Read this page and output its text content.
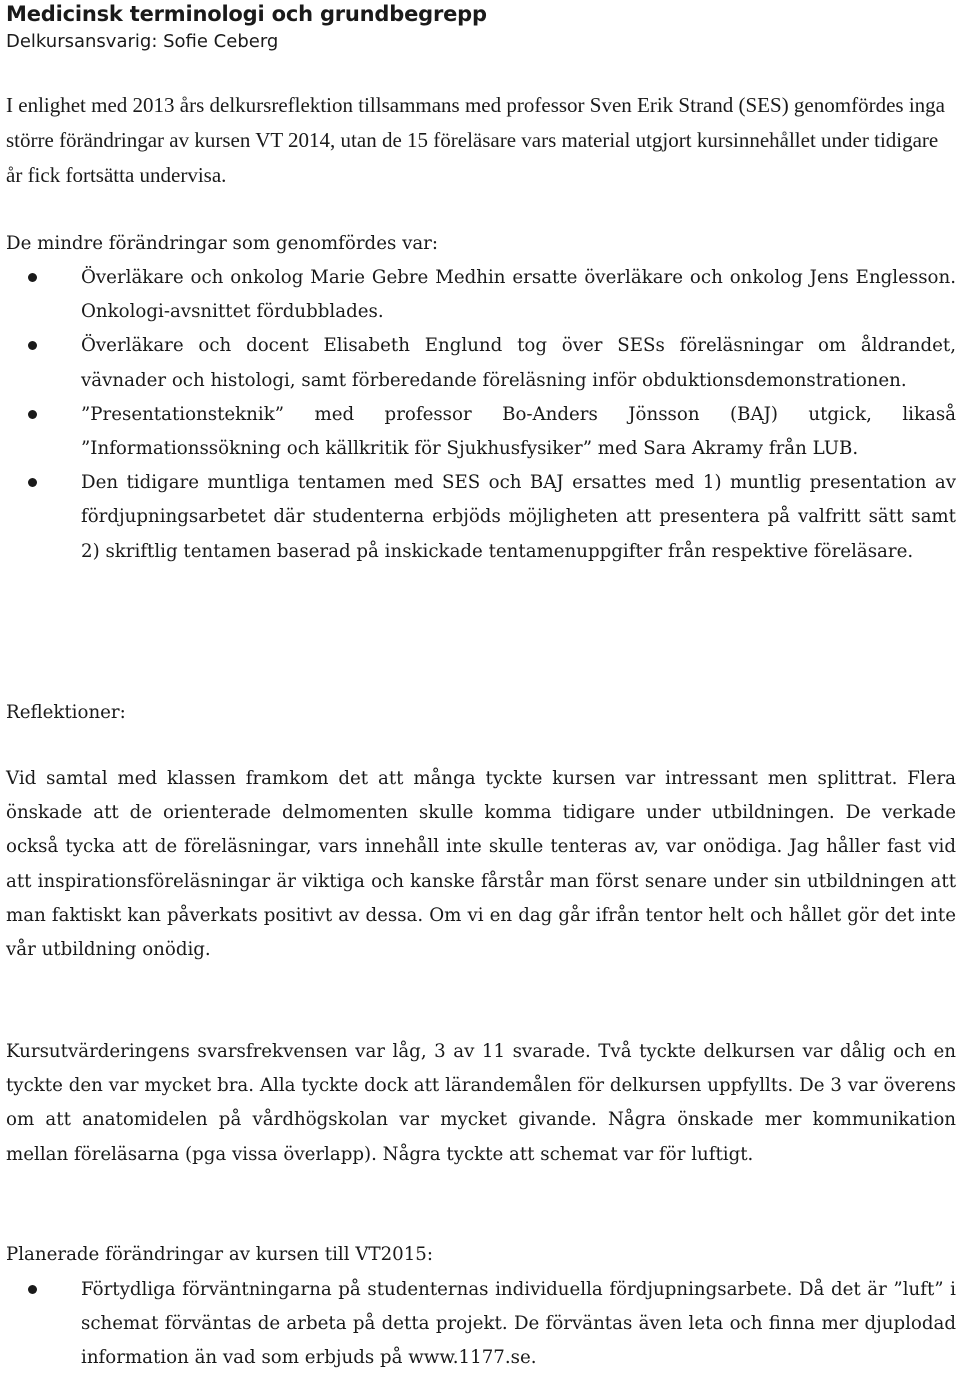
Medicinsk terminologi och grundbegrepp
Delkursansvarig: Sofie Ceberg
I enlighet med 2013 års delkursreflektion tillsammans med professor Sven Erik Strand (SES) genomfördes inga större förändringar av kursen VT 2014, utan de 15 föreläsare vars material utgjort kursinnehållet under tidigare år fick fortsätta undervisa.
De mindre förändringar som genomfördes var:
Överläkare och onkolog Marie Gebre Medhin ersatte överläkare och onkolog Jens Englesson. Onkologi-avsnittet fördubblades.
Överläkare och docent Elisabeth Englund tog över SESs föreläsningar om åldrandet, vävnader och histologi, samt förberedande föreläsning inför obduktionsdemonstrationen.
”Presentationsteknik” med professor Bo-Anders Jönsson (BAJ) utgick, likaså ”Informationssökning och källkritik för Sjukhusfysiker” med Sara Akramy från LUB.
Den tidigare muntliga tentamen med SES och BAJ ersattes med 1) muntlig presentation av fördjupningsarbetet där studenterna erbjöds möjligheten att presentera på valfritt sätt samt 2) skriftlig tentamen baserad på inskickade tentamenuppgifter från respektive föreläsare.
Reflektioner:
Vid samtal med klassen framkom det att många tyckte kursen var intressant men splittrat. Flera önskade att de orienterade delmomenten skulle komma tidigare under utbildningen. De verkade också tycka att de föreläsningar, vars innehåll inte skulle tenteras av, var onödiga. Jag håller fast vid att inspirationsföreläsningar är viktiga och kanske fårstår man först senare under sin utbildningen att man faktiskt kan påverkats positivt av dessa. Om vi en dag går ifrån tentor helt och hållet gör det inte vår utbildning onödig.
Kursutvärderingens svarsfrekvensen var låg, 3 av 11 svarade. Två tyckte delkursen var dålig och en tyckte den var mycket bra. Alla tyckte dock att lärandemålen för delkursen uppfyllts. De 3 var överens om att anatomidelen på vårdhögskolan var mycket givande. Några önskade mer kommunikation mellan föreläsarna (pga vissa överlapp). Några tyckte att schemat var för luftigt.
Planerade förändringar av kursen till VT2015:
Förtydliga förväntningarna på studenternas individuella fördjupningsarbete. Då det är ”luft” i schemat förväntas de arbeta på detta projekt. De förväntas även leta och finna mer djuplodad information än vad som erbjuds på www.1177.se.
